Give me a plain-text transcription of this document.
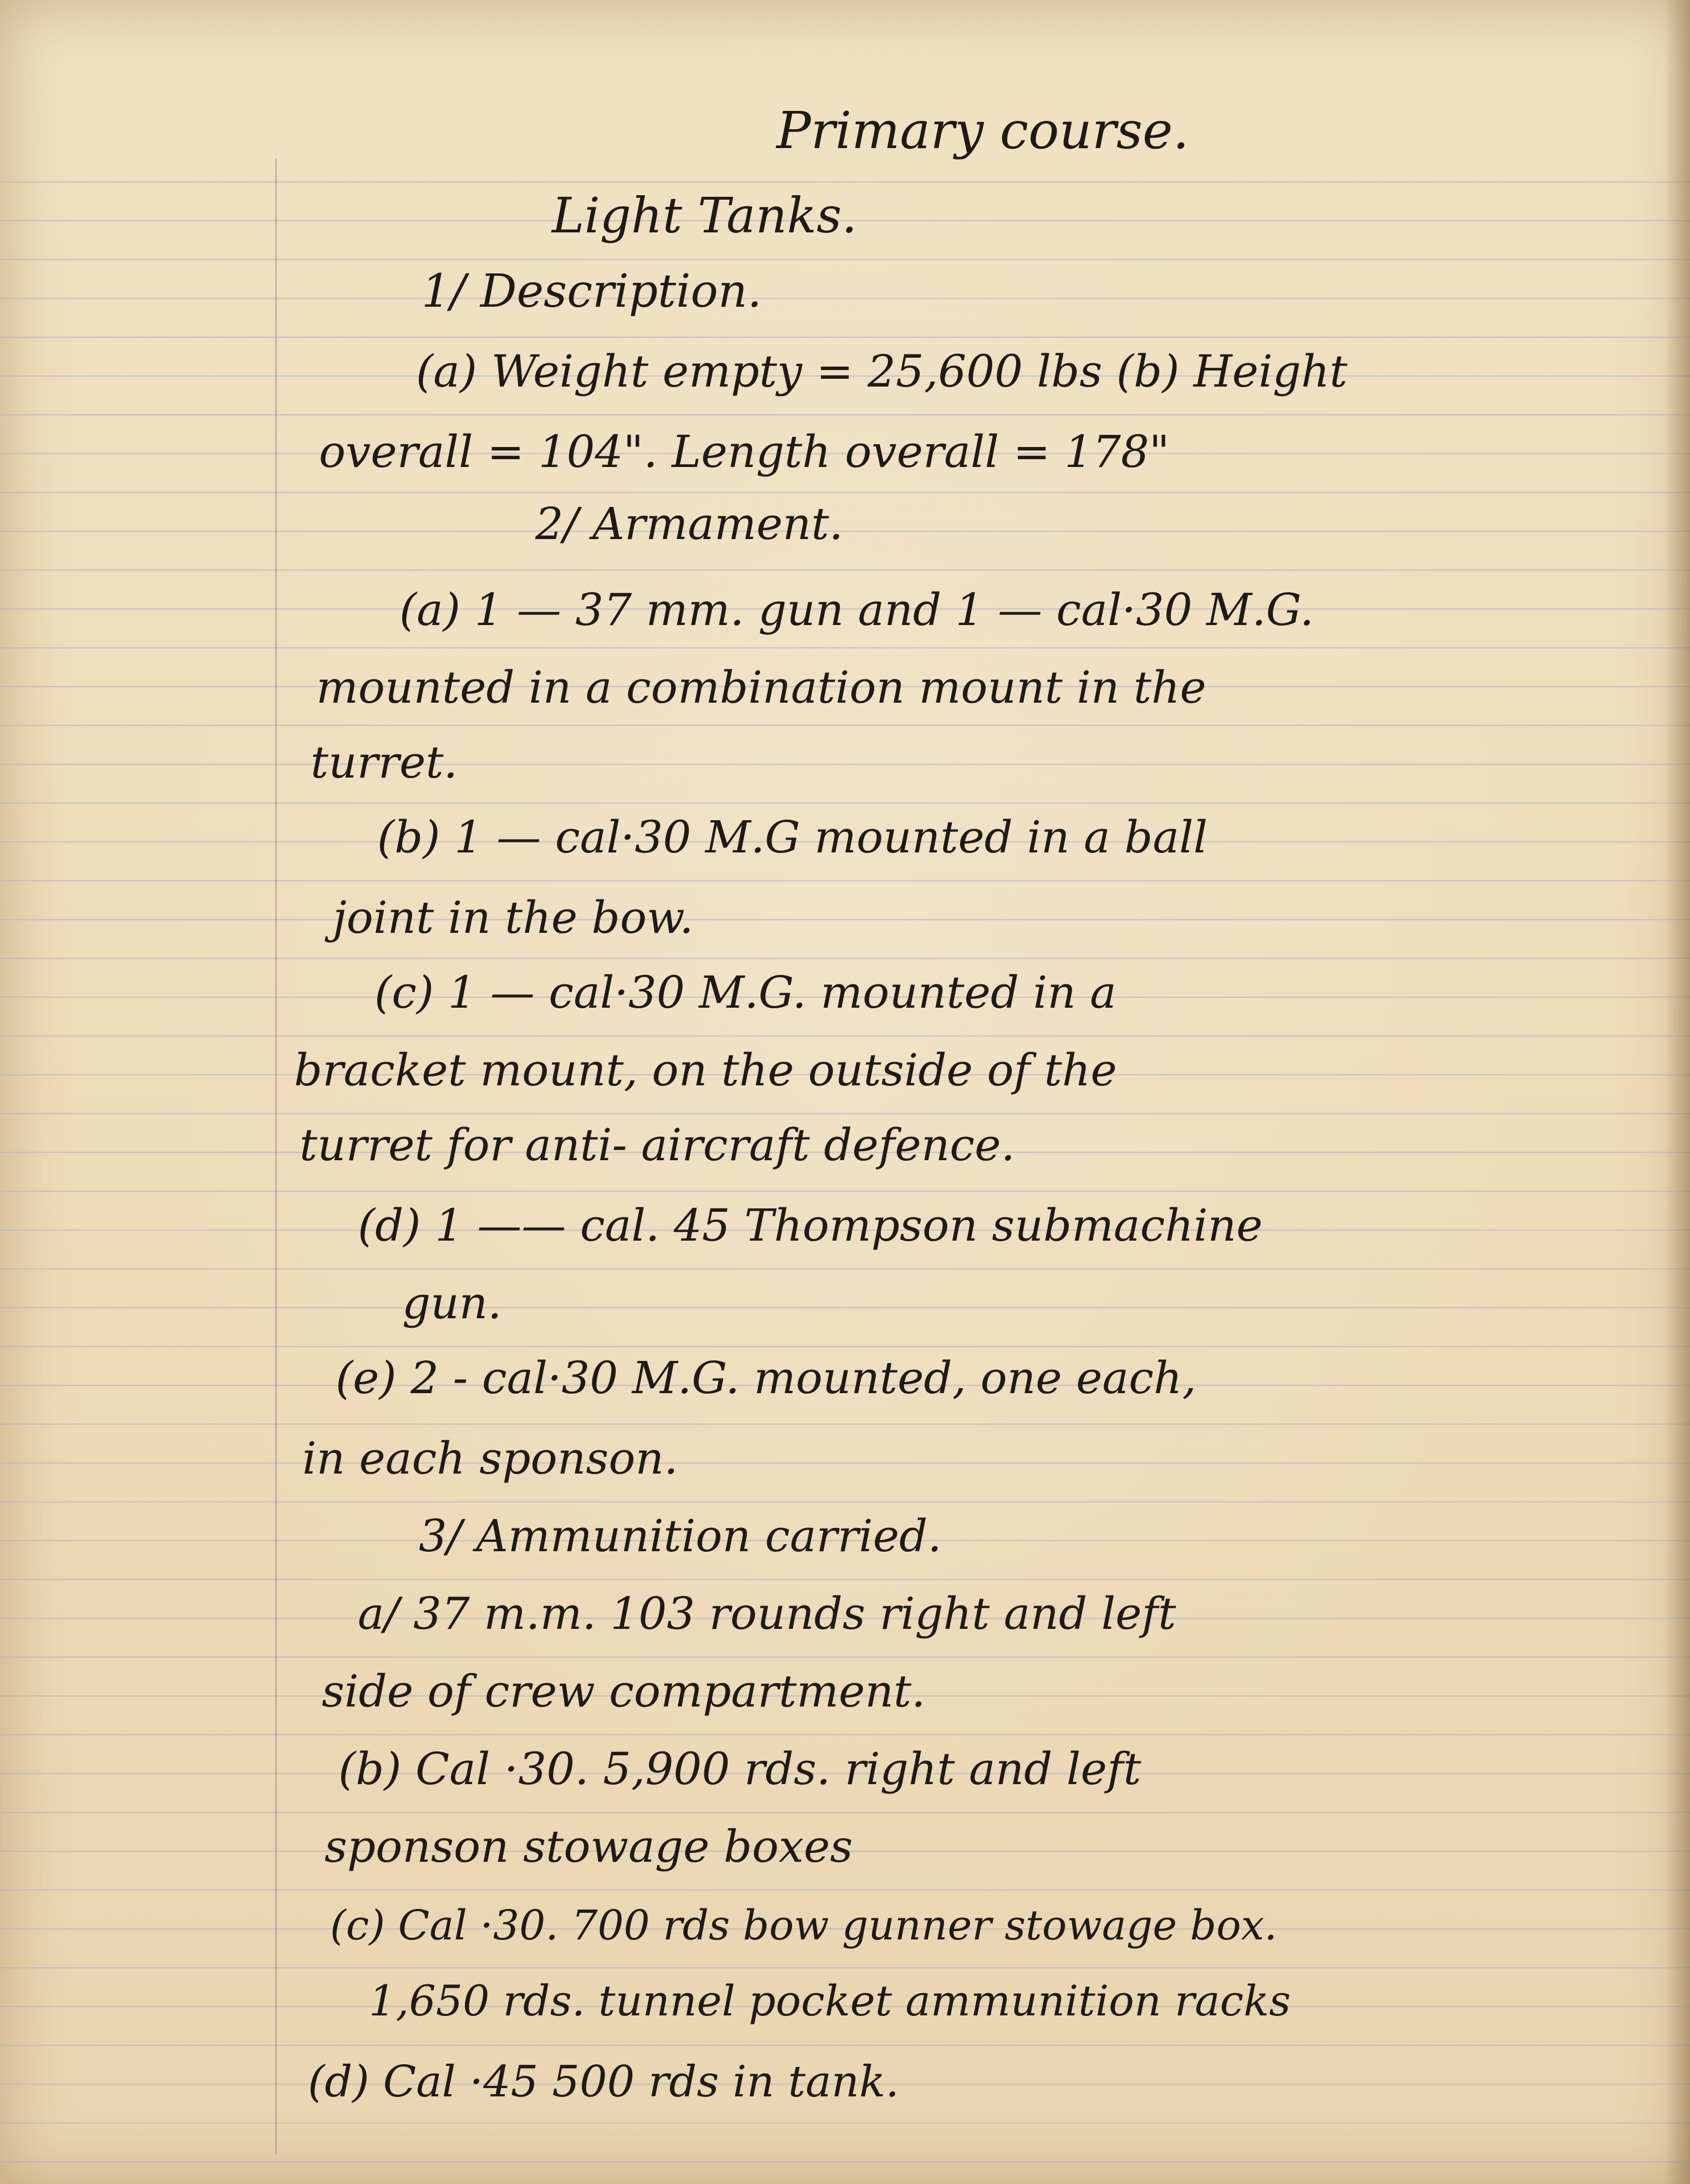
Primary course.
Light Tanks.
1/ Description.
(a) Weight empty = 25,600 lbs (b) Height
overall = 104". Length overall = 178"
2/ Armament.
(a) 1 — 37 mm. gun and 1 — cal·30 M.G.
mounted in a combination mount in the
turret.
(b) 1 — cal·30 M.G mounted in a ball
joint in the bow.
(c) 1 — cal·30 M.G. mounted in a
bracket mount, on the outside of the
turret for anti- aircraft defence.
(d) 1 —— cal. 45 Thompson submachine
gun.
(e) 2 - cal·30 M.G. mounted, one each,
in each sponson.
3/ Ammunition carried.
a/ 37 m.m. 103 rounds right and left
side of crew compartment.
(b) Cal ·30. 5,900 rds. right and left
sponson stowage boxes
(c) Cal ·30. 700 rds bow gunner stowage box.
1,650 rds. tunnel pocket ammunition racks
(d) Cal ·45 500 rds in tank.
